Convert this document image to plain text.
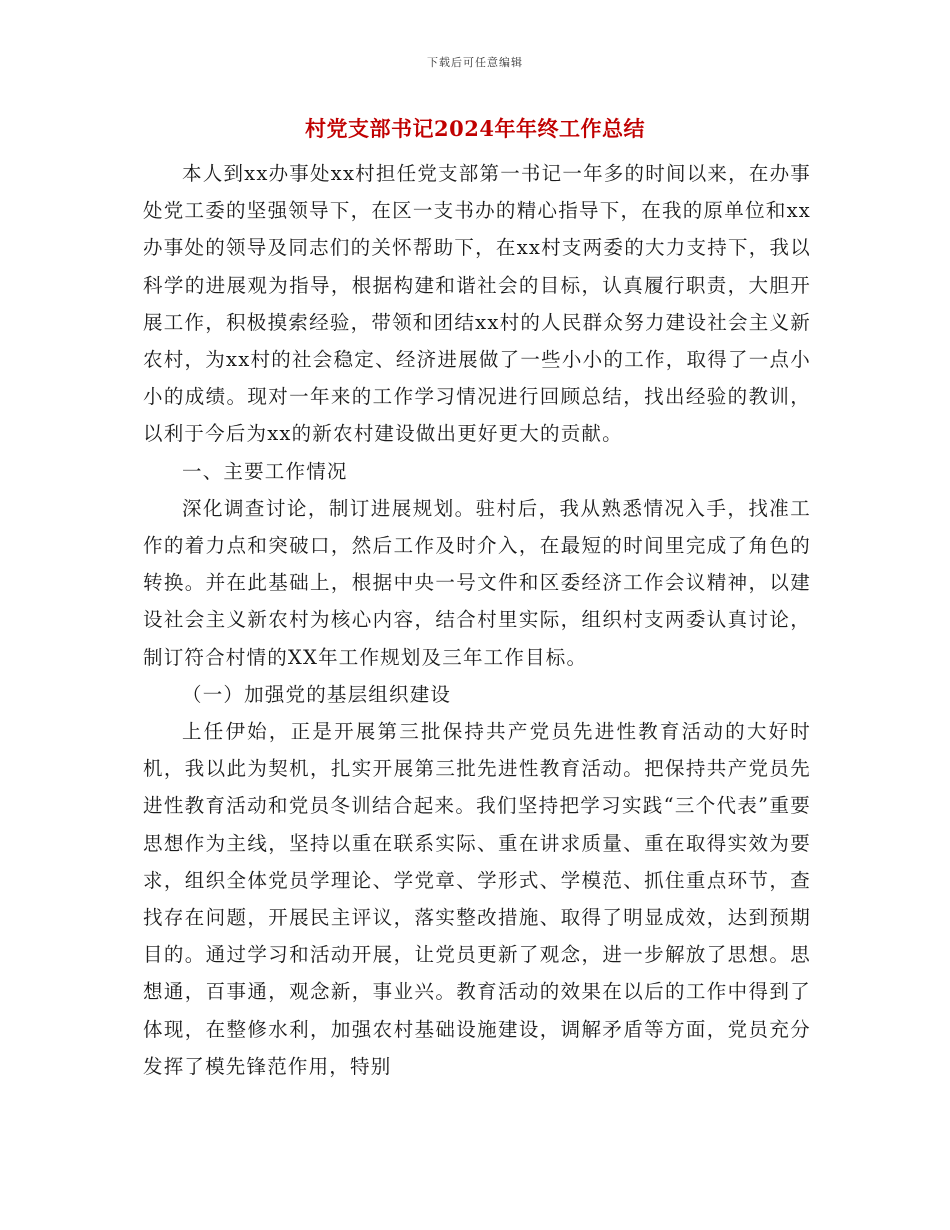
下载后可任意编辑
村党支部书记2024年年终工作总结

本人到xx办事处xx村担任党支部第一书记一年多的时间以来，在办事处党工委的坚强领导下，在区一支书办的精心指导下，在我的原单位和xx办事处的领导及同志们的关怀帮助下，在xx村支两委的大力支持下，我以科学的进展观为指导，根据构建和谐社会的目标，认真履行职责，大胆开展工作，积极摸索经验，带领和团结xx村的人民群众努力建设社会主义新农村，为xx村的社会稳定、经济进展做了一些小小的工作，取得了一点小小的成绩。现对一年来的工作学习情况进行回顾总结，找出经验的教训，以利于今后为xx的新农村建设做出更好更大的贡献。

一、主要工作情况

深化调查讨论，制订进展规划。驻村后，我从熟悉情况入手，找准工作的着力点和突破口，然后工作及时介入，在最短的时间里完成了角色的转换。并在此基础上，根据中央一号文件和区委经济工作会议精神，以建设社会主义新农村为核心内容，结合村里实际，组织村支两委认真讨论，制订符合村情的XX年工作规划及三年工作目标。

（一）加强党的基层组织建设

上任伊始，正是开展第三批保持共产党员先进性教育活动的大好时机，我以此为契机，扎实开展第三批先进性教育活动。把保持共产党员先进性教育活动和党员冬训结合起来。我们坚持把学习实践“三个代表”重要思想作为主线，坚持以重在联系实际、重在讲求质量、重在取得实效为要求，组织全体党员学理论、学党章、学形式、学模范、抓住重点环节，查找存在问题，开展民主评议，落实整改措施、取得了明显成效，达到预期目的。通过学习和活动开展，让党员更新了观念，进一步解放了思想。思想通，百事通，观念新，事业兴。教育活动的效果在以后的工作中得到了体现，在整修水利，加强农村基础设施建设，调解矛盾等方面，党员充分发挥了模先锋范作用，特别
